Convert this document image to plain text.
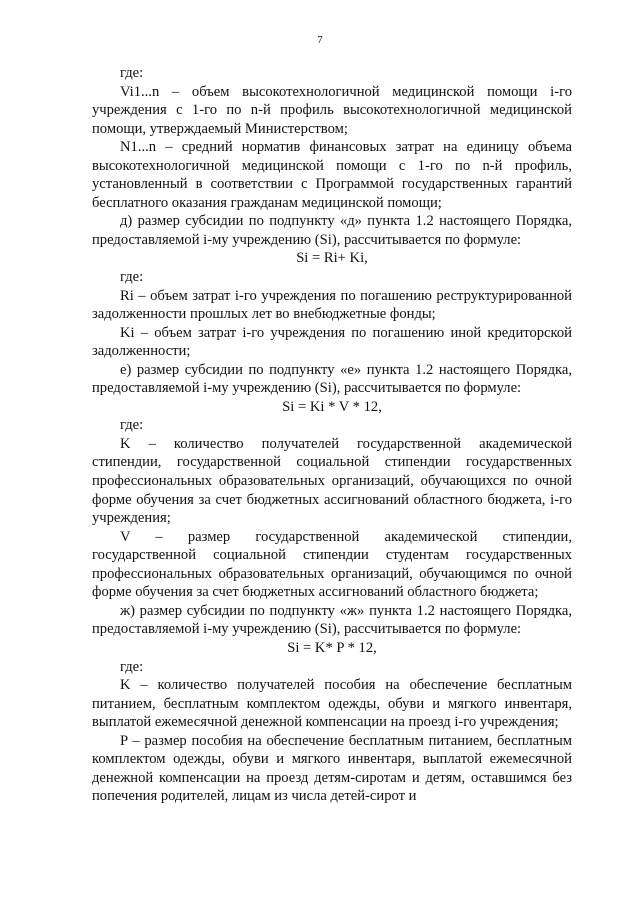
7

где:

Vi1...n – объем высокотехнологичной медицинской помощи i-го учреждения с 1-го по n-й профиль высокотехнологичной медицинской помощи, утверждаемый Министерством;

N1...n – средний норматив финансовых затрат на единицу объема высокотехнологичной медицинской помощи с 1-го по n-й профиль, установленный в соответствии с Программой государственных гарантий бесплатного оказания гражданам медицинской помощи;

д) размер субсидии по подпункту «д» пункта 1.2 настоящего Порядка, предоставляемой i-му учреждению (Si), рассчитывается по формуле:

Si = Ri+ Ki,

где:

Ri – объем затрат i-го учреждения по погашению реструктурированной задолженности прошлых лет во внебюджетные фонды;

Ki – объем затрат i-го учреждения по погашению иной кредиторской задолженности;

е) размер субсидии по подпункту «е» пункта 1.2 настоящего Порядка, предоставляемой i-му учреждению (Si), рассчитывается по формуле:

Si = Ki * V * 12,

где:

K – количество получателей государственной академической стипендии, государственной социальной стипендии государственных профессиональных образовательных организаций, обучающихся по очной форме обучения за счет бюджетных ассигнований областного бюджета, i-го учреждения;

V – размер государственной академической стипендии, государственной социальной стипендии студентам государственных профессиональных образовательных организаций, обучающимся по очной форме обучения за счет бюджетных ассигнований областного бюджета;

ж) размер субсидии по подпункту «ж» пункта 1.2 настоящего Порядка, предоставляемой i-му учреждению (Si), рассчитывается по формуле:

Si = K* P * 12,

где:

K – количество получателей пособия на обеспечение бесплатным питанием, бесплатным комплектом одежды, обуви и мягкого инвентаря, выплатой ежемесячной денежной компенсации на проезд i-го учреждения;

P – размер пособия на обеспечение бесплатным питанием, бесплатным комплектом одежды, обуви и мягкого инвентаря, выплатой ежемесячной денежной компенсации на проезд детям-сиротам и детям, оставшимся без попечения родителей, лицам из числа детей-сирот и
